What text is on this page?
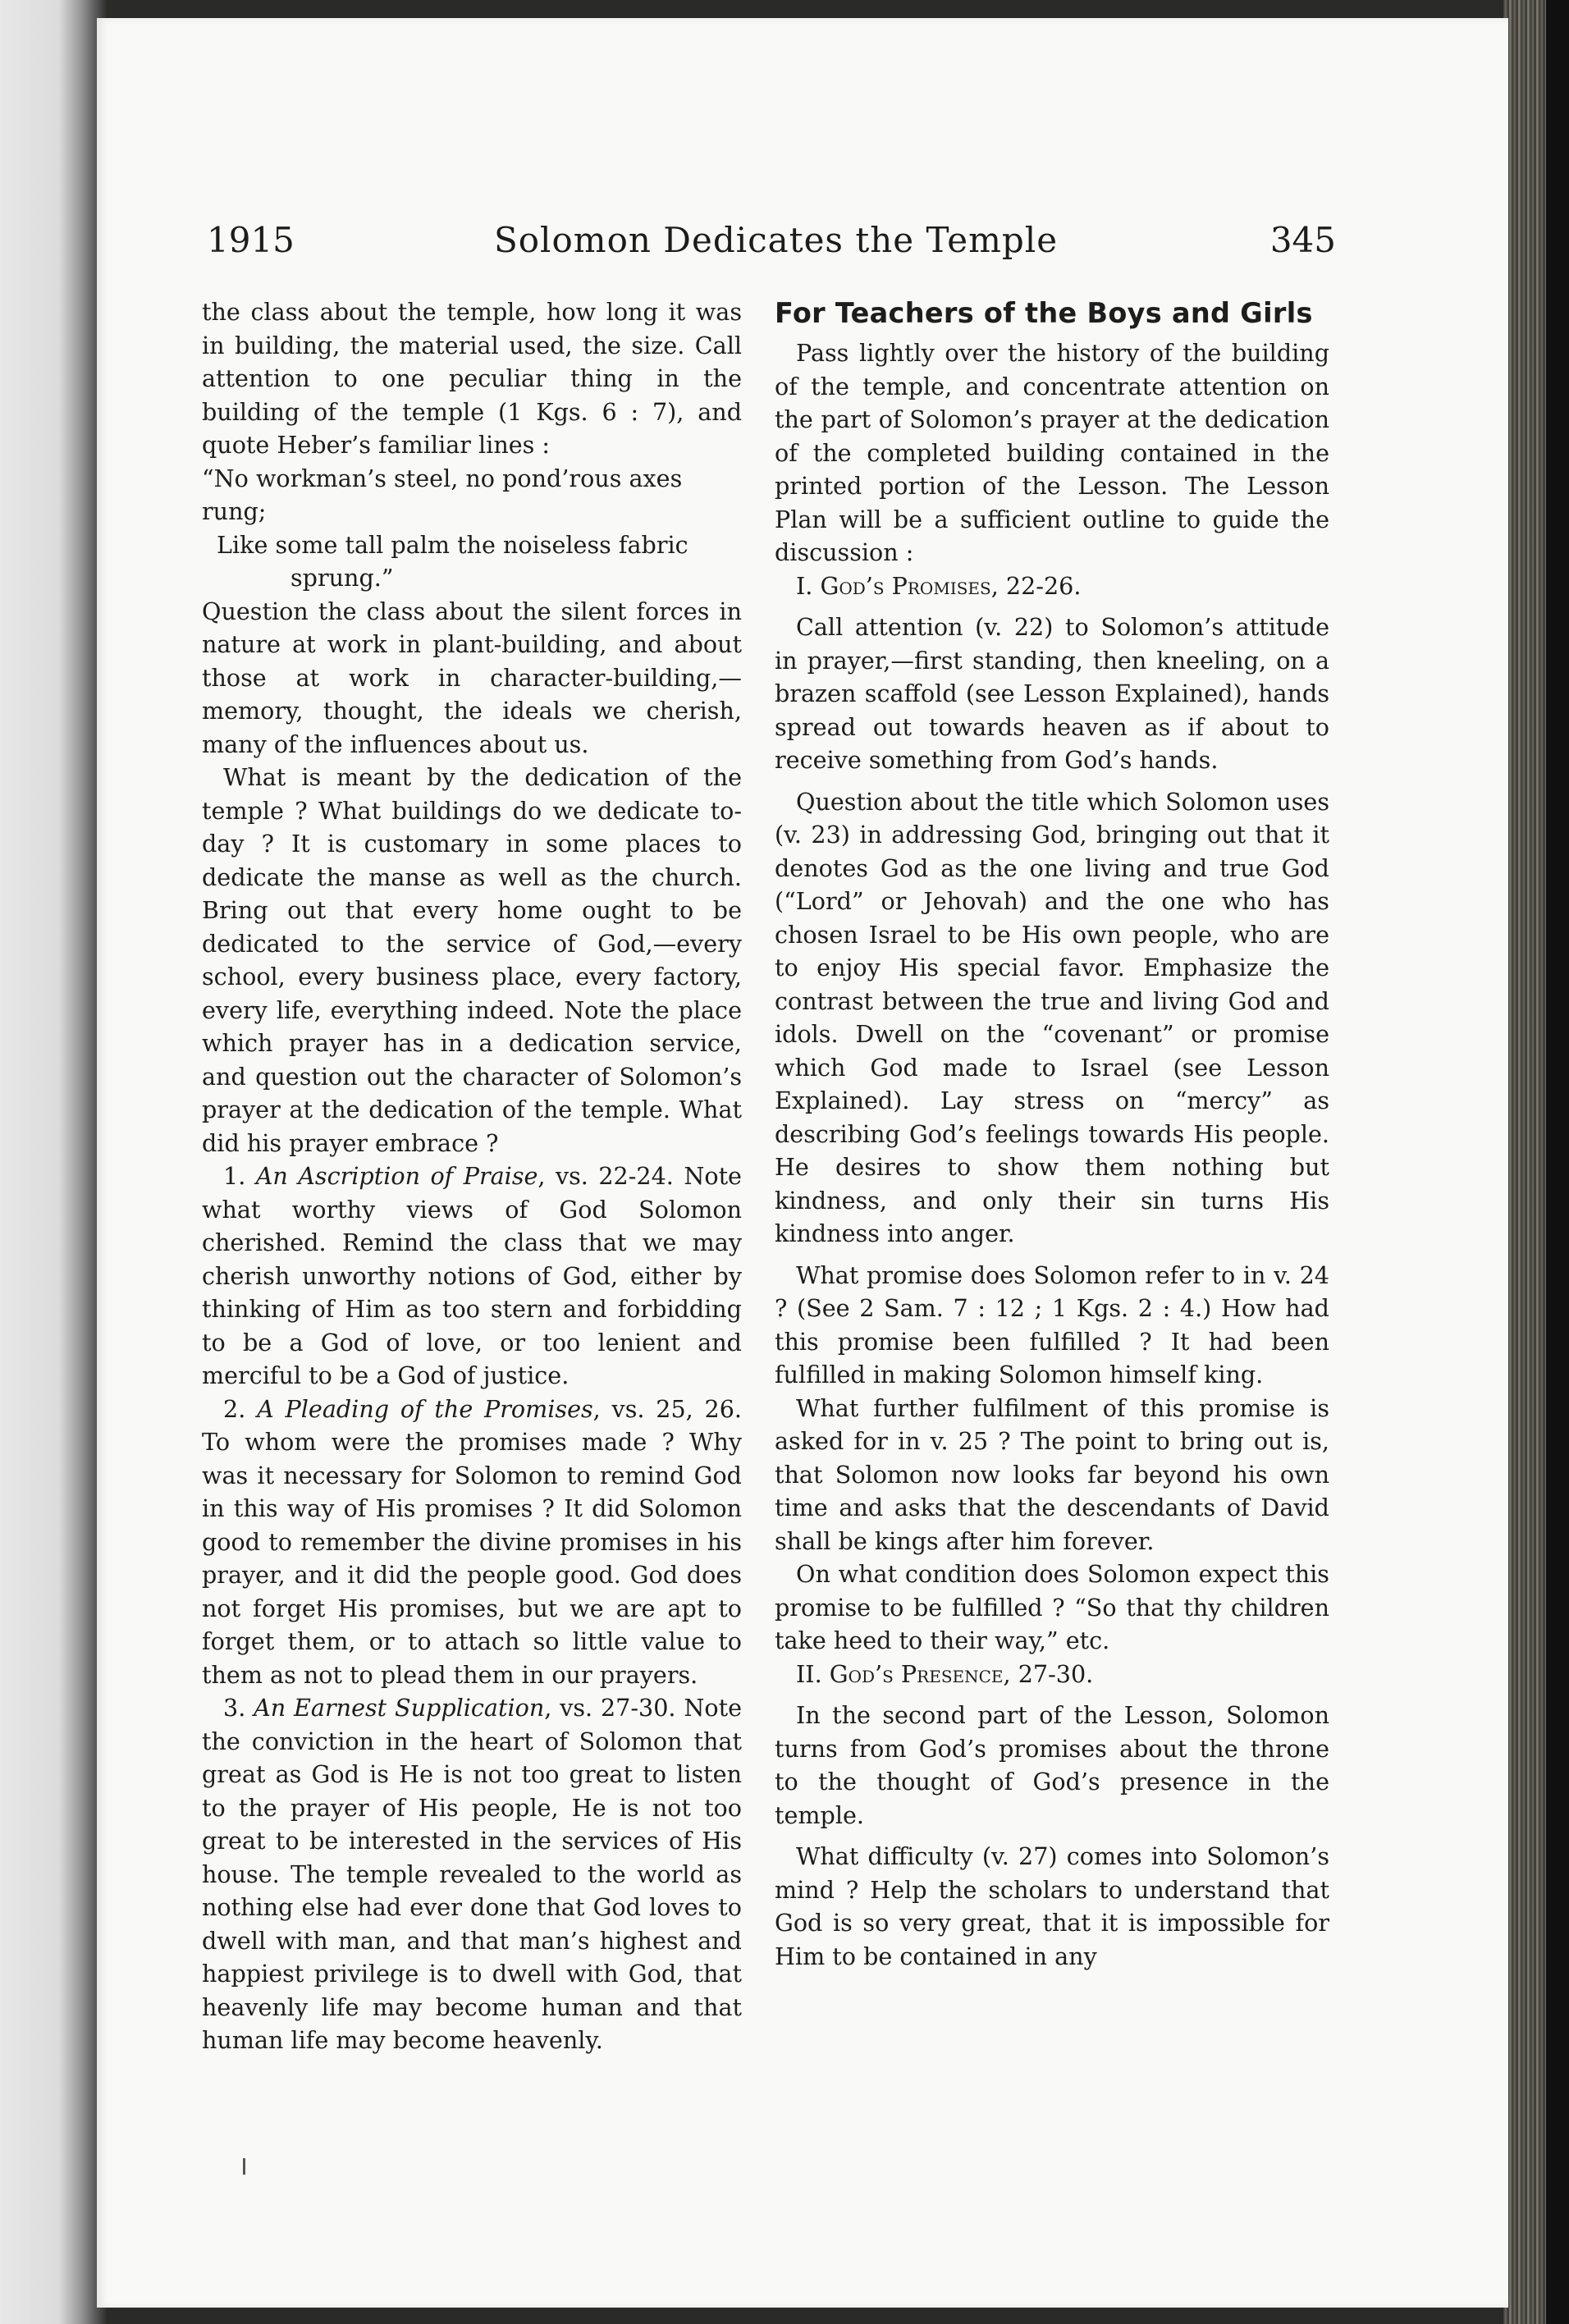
1915	Solomon Dedicates the Temple	345

the class about the temple, how long it was in building, the material used, the size. Call attention to one peculiar thing in the building of the temple (1 Kgs. 6 : 7), and quote Heber’s familiar lines :

“No workman’s steel, no pond’rous axes rung;

Like some tall palm the noiseless fabric

sprung.”

Question the class about the silent forces in nature at work in plant-building, and about those at work in character-building,—memory, thought, the ideals we cherish, many of the influences about us.

What is meant by the dedication of the temple ? What buildings do we dedicate to-day ? It is customary in some places to dedicate the manse as well as the church. Bring out that every home ought to be dedicated to the service of God,—every school, every business place, every factory, every life, everything indeed. Note the place which prayer has in a dedication service, and question out the character of Solomon’s prayer at the dedication of the temple. What did his prayer embrace ?

1. An Ascription of Praise, vs. 22-24. Note what worthy views of God Solomon cherished. Remind the class that we may cherish unworthy notions of God, either by thinking of Him as too stern and forbidding to be a God of love, or too lenient and merciful to be a God of justice.

2. A Pleading of the Promises, vs. 25, 26. To whom were the promises made ? Why was it necessary for Solomon to remind God in this way of His promises ? It did Solomon good to remember the divine promises in his prayer, and it did the people good. God does not forget His promises, but we are apt to forget them, or to attach so little value to them as not to plead them in our prayers.

3. An Earnest Supplication, vs. 27-30. Note the conviction in the heart of Solomon that great as God is He is not too great to listen to the prayer of His people, He is not too great to be interested in the services of His house. The temple revealed to the world as nothing else had ever done that God loves to dwell with man, and that man’s highest and happiest privilege is to dwell with God, that heavenly life may become human and that human life may become heavenly.

For Teachers of the Boys and Girls

Pass lightly over the history of the building of the temple, and concentrate attention on the part of Solomon’s prayer at the dedication of the completed building contained in the printed portion of the Lesson. The Lesson Plan will be a sufficient outline to guide the discussion :

I. God’s Promises, 22-26.

Call attention (v. 22) to Solomon’s attitude in prayer,—first standing, then kneeling, on a brazen scaffold (see Lesson Explained), hands spread out towards heaven as if about to receive something from God’s hands.

Question about the title which Solomon uses (v. 23) in addressing God, bringing out that it denotes God as the one living and true God (“Lord” or Jehovah) and the one who has chosen Israel to be His own people, who are to enjoy His special favor. Emphasize the contrast between the true and living God and idols. Dwell on the “covenant” or promise which God made to Israel (see Lesson Explained). Lay stress on “mercy” as describing God’s feelings towards His people. He desires to show them nothing but kindness, and only their sin turns His kindness into anger.

What promise does Solomon refer to in v. 24 ? (See 2 Sam. 7 : 12 ; 1 Kgs. 2 : 4.) How had this promise been fulfilled ? It had been fulfilled in making Solomon himself king.

What further fulfilment of this promise is asked for in v. 25 ? The point to bring out is, that Solomon now looks far beyond his own time and asks that the descendants of David shall be kings after him forever.

On what condition does Solomon expect this promise to be fulfilled ? “So that thy children take heed to their way,” etc.

II. God’s Presence, 27-30.

In the second part of the Lesson, Solomon turns from God’s promises about the throne to the thought of God’s presence in the temple.

What difficulty (v. 27) comes into Solomon’s mind ? Help the scholars to understand that God is so very great, that it is impossible for Him to be contained in any
